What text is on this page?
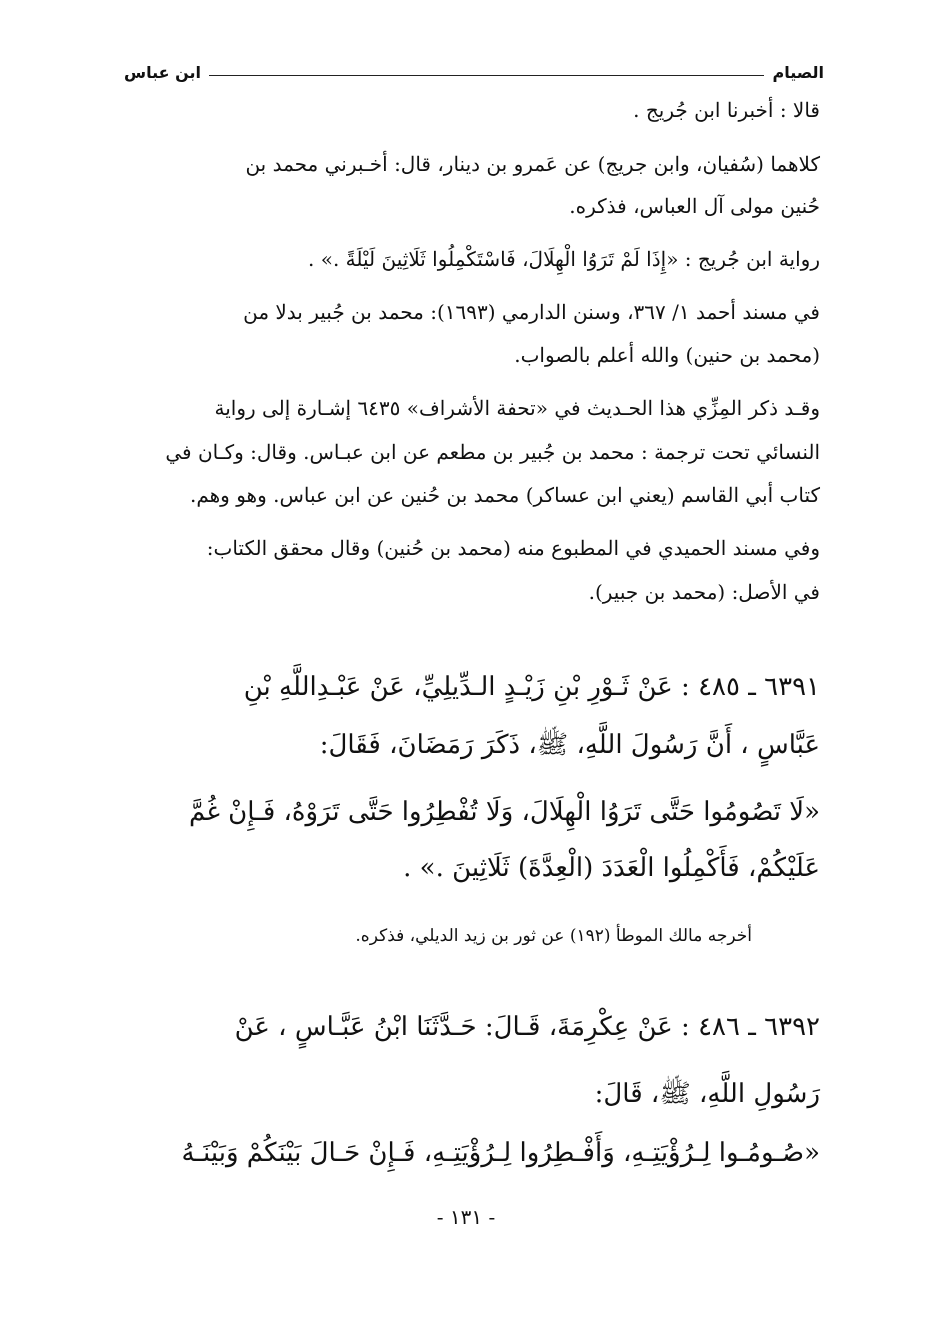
الصيام
ابن عباس
قالا : أخبرنا ابن جُريج .
كلاهما (سُفيان، وابن جريج) عن عَمرو بن دينار، قال: أخـبرني محمد بن
حُنين مولى آل العباس، فذكره.
رواية ابن جُريج : «إِذَا لَمْ تَرَوُا الْهِلَالَ، فَاسْتَكْمِلُوا ثَلَاثِينَ لَيْلَةً .» .
في مسند أحمد ١/ ٣٦٧، وسنن الدارمي (١٦٩٣): محمد بن جُبير بدلا من
(محمد بن حنين) والله أعلم بالصواب.
وقـد ذكر المِزِّي هذا الحـديث في «تحفة الأشراف» ٦٤٣٥ إشـارة إلى رواية
النسائي تحت ترجمة : محمد بن جُبير بن مطعم عن ابن عبـاس. وقال: وكـان في
كتاب أبي القاسم (يعني ابن عساكر) محمد بن حُنين عن ابن عباس. وهو وهم.
وفي مسند الحميدي في المطبوع منه (محمد بن حُنين) وقال محقق الكتاب:
في الأصل: (محمد بن جبير).
٦٣٩١ ـ ٤٨٥ : عَنْ ثَـوْرِ بْنِ زَيْـدٍ الـدِّيلِيِّ، عَنْ عَبْـدِاللَّهِ بْنِ
عَبَّاسٍ ، أَنَّ رَسُولَ اللَّهِ، ﷺ، ذَكَرَ رَمَضَانَ، فَقَالَ:
«لَا تَصُومُوا حَتَّى تَرَوُا الْهِلَالَ، وَلَا تُفْطِرُوا حَتَّى تَرَوْهُ، فَـإِنْ غُمَّ
عَلَيْكُمْ، فَأَكْمِلُوا الْعَدَدَ (الْعِدَّةَ) ثَلَاثِينَ .» .
أخرجه مالك الموطأ (١٩٢) عن ثور بن زيد الديلي، فذكره.
٦٣٩٢ ـ ٤٨٦ : عَنْ عِكْرِمَةَ، قَـالَ: حَـدَّثَنَا ابْنُ عَبَّـاسٍ ، عَنْ
رَسُولِ اللَّهِ، ﷺ، قَالَ:
«صُـومُـوا لِـرُؤْيَتِـهِ، وَأَفْـطِرُوا لِـرُؤْيَتِـهِ، فَـإِنْ حَـالَ بَيْنَكُمْ وَبَيْنَـهُ
- ١٣١ -
